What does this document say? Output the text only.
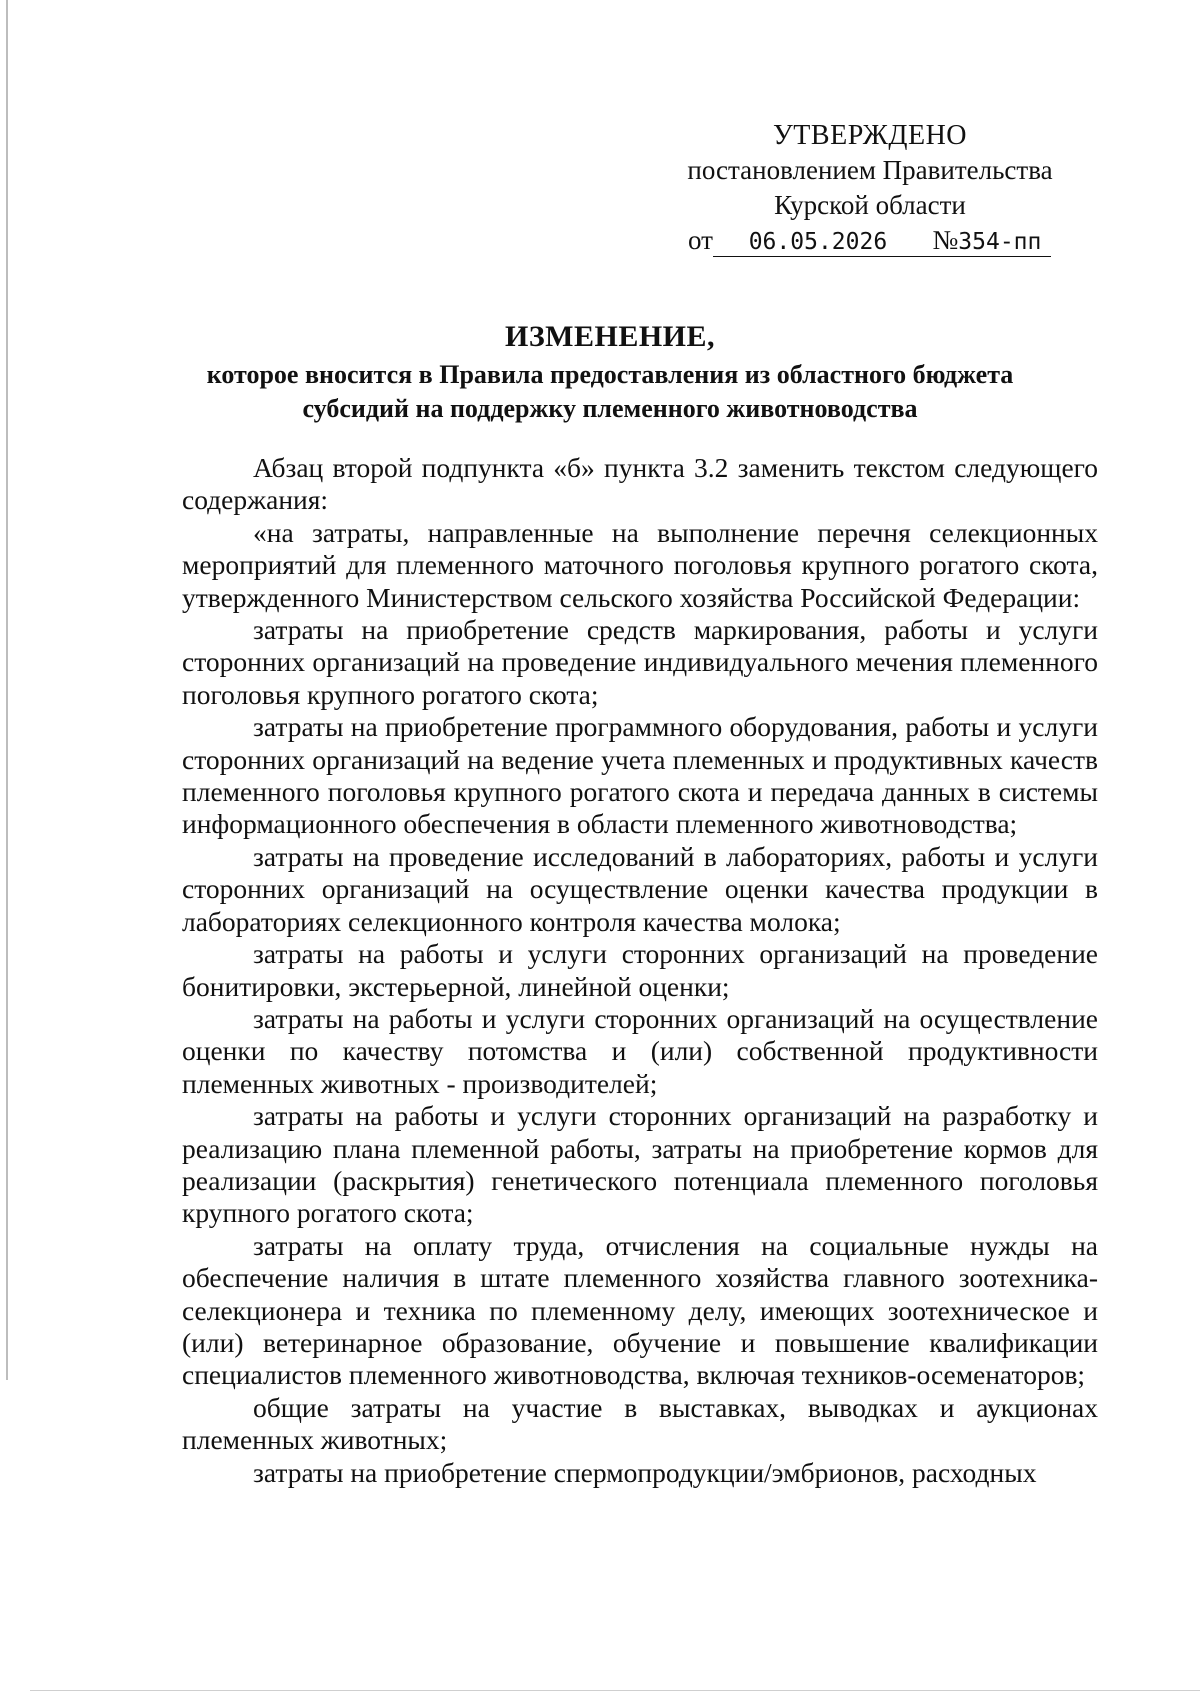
УТВЕРЖДЕНО
постановлением Правительства
Курской области
от 06.05.2026 №354-пп
ИЗМЕНЕНИЕ,
которое вносится в Правила предоставления из областного бюджета
субсидий на поддержку племенного животноводства

Абзац второй подпункта «б» пункта 3.2 заменить текстом следующего содержания:

«на затраты, направленные на выполнение перечня селекционных мероприятий для племенного маточного поголовья крупного рогатого скота, утвержденного Министерством сельского хозяйства Российской Федерации:

затраты на приобретение средств маркирования, работы и услуги сторонних организаций на проведение индивидуального мечения племенного поголовья крупного рогатого скота;

затраты на приобретение программного оборудования, работы и услуги сторонних организаций на ведение учета племенных и продуктивных качеств племенного поголовья крупного рогатого скота и передача данных в системы информационного обеспечения в области племенного животноводства;

затраты на проведение исследований в лабораториях, работы и услуги сторонних организаций на осуществление оценки качества продукции в лабораториях селекционного контроля качества молока;

затраты на работы и услуги сторонних организаций на проведение бонитировки, экстерьерной, линейной оценки;

затраты на работы и услуги сторонних организаций на осуществление оценки по качеству потомства и (или) собственной продуктивности племенных животных - производителей;

затраты на работы и услуги сторонних организаций на разработку и реализацию плана племенной работы, затраты на приобретение кормов для реализации (раскрытия) генетического потенциала племенного поголовья крупного рогатого скота;

затраты на оплату труда, отчисления на социальные нужды на обеспечение наличия в штате племенного хозяйства главного зоотехника-селекционера и техника по племенному делу, имеющих зоотехническое и (или) ветеринарное образование, обучение и повышение квалификации специалистов племенного животноводства, включая техников-осеменаторов;

общие затраты на участие в выставках, выводках и аукционах племенных животных;

затраты на приобретение спермопродукции/эмбрионов, расходных
